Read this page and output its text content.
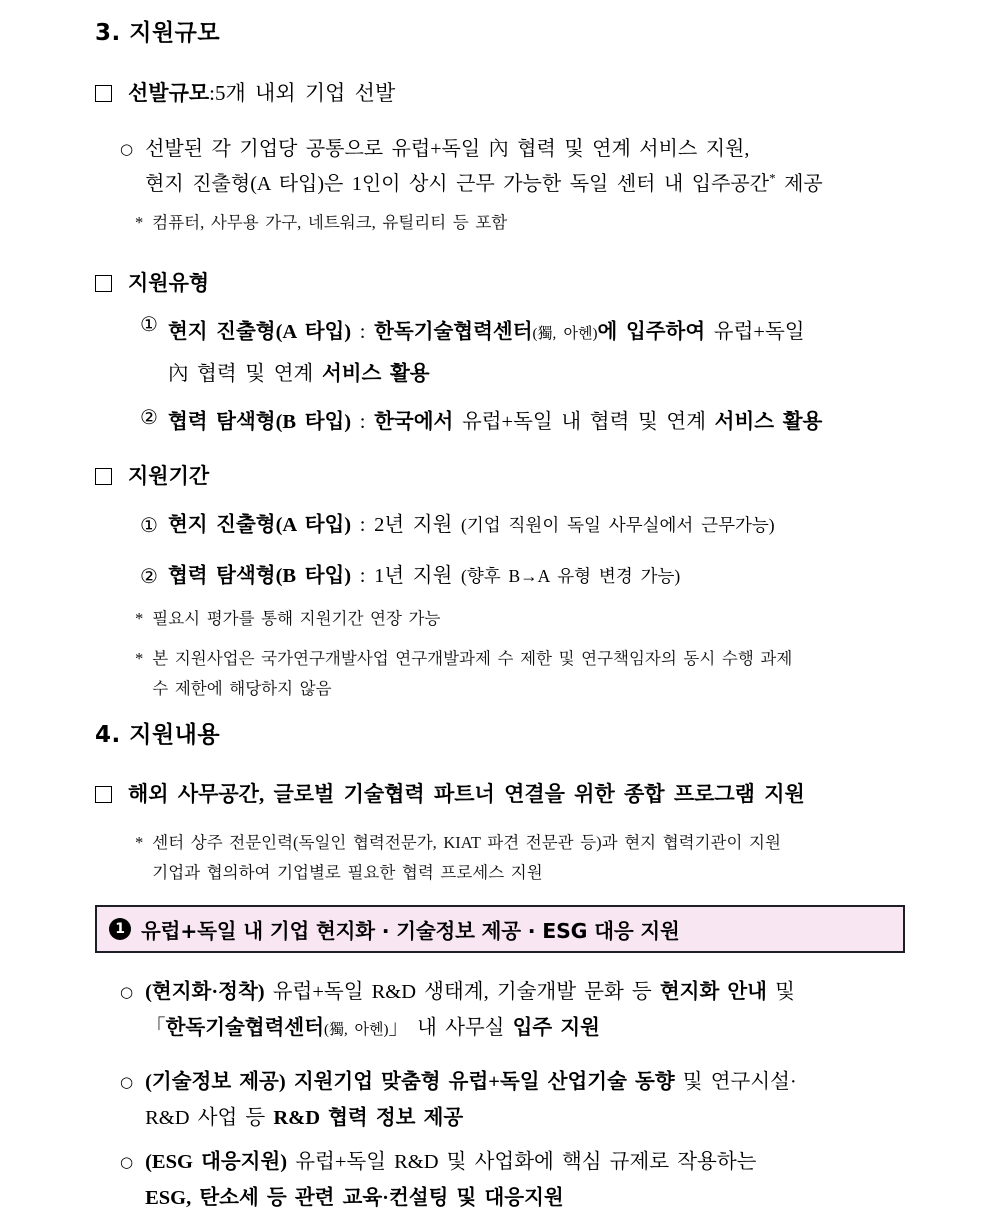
3. 지원규모
선발규모 : 5개 내외 기업 선발
○ 선발된 각 기업당 공통으로 유럽+독일 內 협력 및 연계 서비스 지원,
현지 진출형(A 타입)은 1인이 상시 근무 가능한 독일 센터 내 입주공간* 제공
* 컴퓨터, 사무용 가구, 네트워크, 유틸리티 등 포함
지원유형
① 현지 진출형(A 타입) : 한독기술협력센터(獨, 아헨)에 입주하여 유럽+독일
內 협력 및 연계 서비스 활용
② 협력 탐색형(B 타입) : 한국에서 유럽+독일 내 협력 및 연계 서비스 활용
지원기간
① 현지 진출형(A 타입) : 2년 지원 (기업 직원이 독일 사무실에서 근무가능)
② 협력 탐색형(B 타입) : 1년 지원 (향후 B→A 유형 변경 가능)
* 필요시 평가를 통해 지원기간 연장 가능
* 본 지원사업은 국가연구개발사업 연구개발과제 수 제한 및 연구책임자의 동시 수행 과제
수 제한에 해당하지 않음
4. 지원내용
해외 사무공간, 글로벌 기술협력 파트너 연결을 위한 종합 프로그램 지원
* 센터 상주 전문인력(독일인 협력전문가, KIAT 파견 전문관 등)과 현지 협력기관이 지원
기업과 협의하여 기업별로 필요한 협력 프로세스 지원
1 유럽+독일 내 기업 현지화 · 기술정보 제공 · ESG 대응 지원
○ (현지화·정착) 유럽+독일 R&D 생태계, 기술개발 문화 등 현지화 안내 및
「한독기술협력센터(獨, 아헨)」 내 사무실 입주 지원
○ (기술정보 제공) 지원기업 맞춤형 유럽+독일 산업기술 동향 및 연구시설·
R&D 사업 등 R&D 협력 정보 제공
○ (ESG 대응지원) 유럽+독일 R&D 및 사업화에 핵심 규제로 작용하는
ESG, 탄소세 등 관련 교육·컨설팅 및 대응지원
